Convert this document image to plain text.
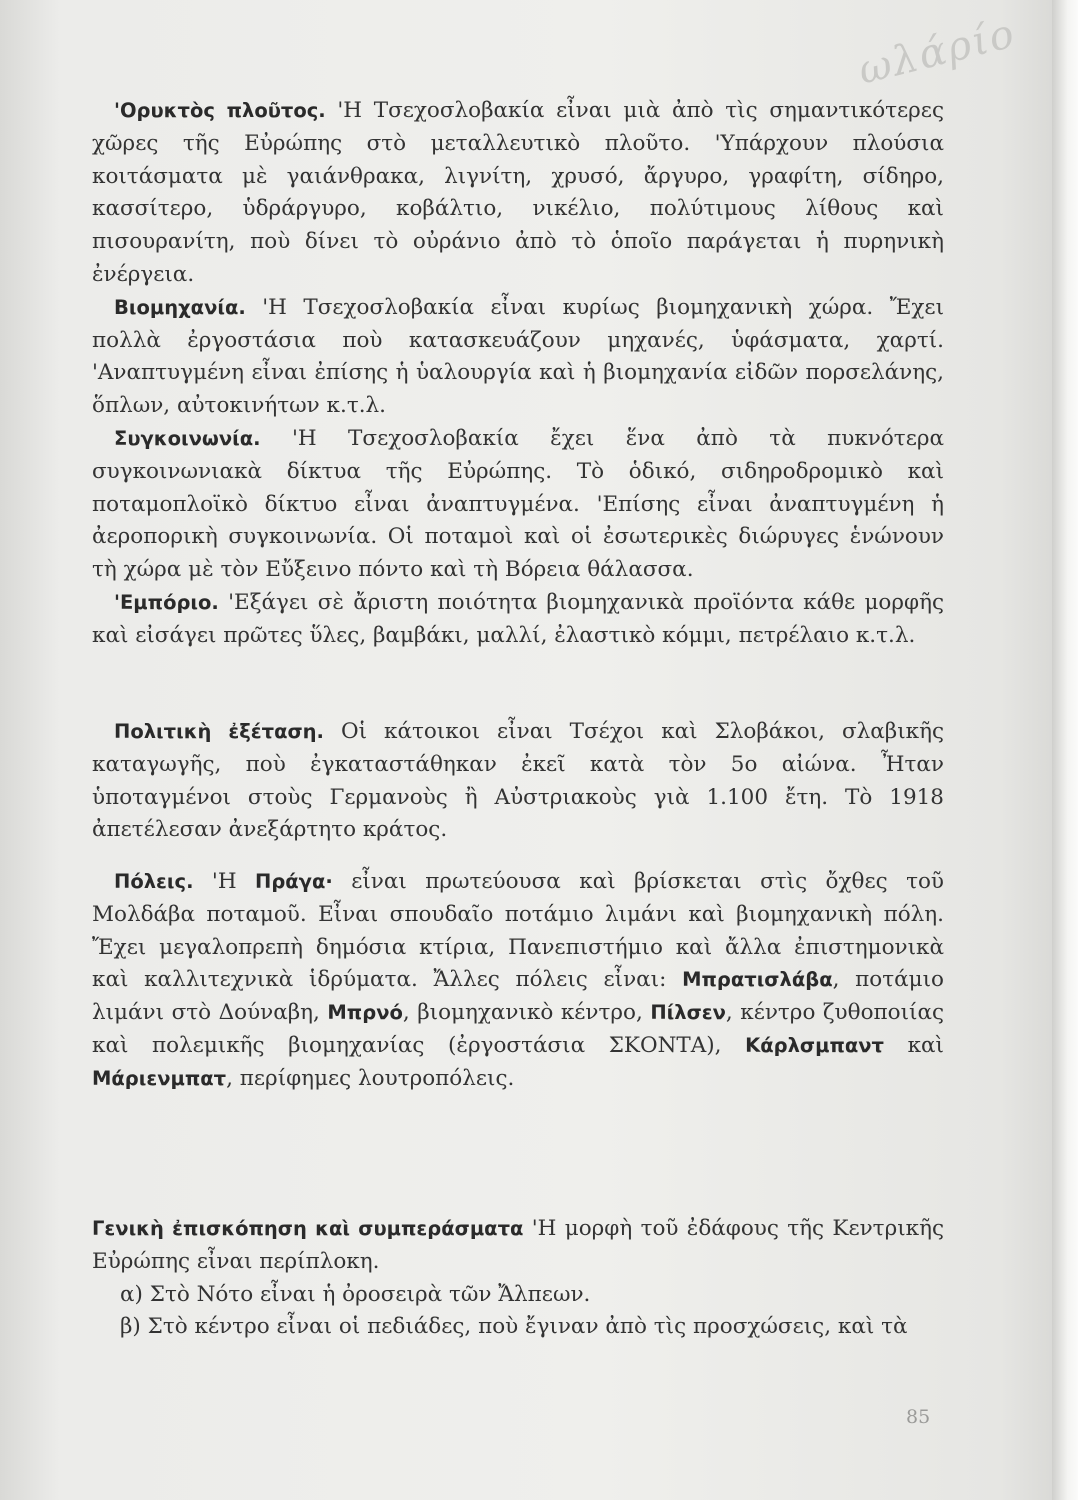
ωλάρίο

'Ορυκτὸς πλοῦτος. 'Η Τσεχοσλοβακία εἶναι μιὰ ἀπὸ τὶς σημαντικότερες χῶρες τῆς Εὐρώπης στὸ μεταλλευτικὸ πλοῦτο. 'Υπάρχουν πλούσια κοιτάσματα μὲ γαιάνθρακα, λιγνίτη, χρυσό, ἄργυρο, γραφίτη, σίδηρο, κασσίτερο, ὑδράργυρο, κοβάλτιο, νικέλιο, πολύτιμους λίθους καὶ πισουρανίτη, ποὺ δίνει τὸ οὐράνιο ἀπὸ τὸ ὁποῖο παράγεται ἡ πυρηνικὴ ἐνέργεια.

Βιομηχανία. 'Η Τσεχοσλοβακία εἶναι κυρίως βιομηχανικὴ χώρα. Ἔχει πολλὰ ἐργοστάσια ποὺ κατασκευάζουν μηχανές, ὑφάσματα, χαρτί. 'Αναπτυγμένη εἶναι ἐπίσης ἡ ὑαλουργία καὶ ἡ βιομηχανία εἰδῶν πορσελάνης, ὅπλων, αὐτοκινήτων κ.τ.λ.

Συγκοινωνία. 'Η Τσεχοσλοβακία ἔχει ἕνα ἀπὸ τὰ πυκνότερα συγκοινωνιακὰ δίκτυα τῆς Εὐρώπης. Τὸ ὁδικό, σιδηροδρομικὸ καὶ ποταμοπλοϊκὸ δίκτυο εἶναι ἀναπτυγμένα. 'Επίσης εἶναι ἀναπτυγμένη ἡ ἀεροπορικὴ συγκοινωνία. Οἱ ποταμοὶ καὶ οἱ ἐσωτερικὲς διώρυγες ἑνώνουν τὴ χώρα μὲ τὸν Εὔξεινο πόντο καὶ τὴ Βόρεια θάλασσα.

'Εμπόριο. 'Εξάγει σὲ ἄριστη ποιότητα βιομηχανικὰ προϊόντα κάθε μορφῆς καὶ εἰσάγει πρῶτες ὕλες, βαμβάκι, μαλλί, ἐλαστικὸ κόμμι, πετρέλαιο κ.τ.λ.

Πολιτικὴ ἐξέταση. Οἱ κάτοικοι εἶναι Τσέχοι καὶ Σλοβάκοι, σλαβικῆς καταγωγῆς, ποὺ ἐγκαταστάθηκαν ἐκεῖ κατὰ τὸν 5ο αἰώνα. Ἦταν ὑποταγμένοι στοὺς Γερμανοὺς ἢ Αὐστριακοὺς γιὰ 1.100 ἔτη. Τὸ 1918 ἀπετέλεσαν ἀνεξάρτητο κράτος.

Πόλεις. 'Η Πράγα· εἶναι πρωτεύουσα καὶ βρίσκεται στὶς ὄχθες τοῦ Μολδάβα ποταμοῦ. Εἶναι σπουδαῖο ποτάμιο λιμάνι καὶ βιομηχανικὴ πόλη. Ἔχει μεγαλοπρεπὴ δημόσια κτίρια, Πανεπιστήμιο καὶ ἄλλα ἐπιστημονικὰ καὶ καλλιτεχνικὰ ἱδρύματα. Ἄλλες πόλεις εἶναι: Μπρατισλάβα, ποτάμιο λιμάνι στὸ Δούναβη, Μπρνό, βιομηχανικὸ κέντρο, Πίλσεν, κέντρο ζυθοποιίας καὶ πολεμικῆς βιομηχανίας (ἐργοστάσια ΣΚΟΝΤΑ), Κάρλσμπαντ καὶ Μάριενμπατ, περίφημες λουτροπόλεις.

Γενικὴ ἐπισκόπηση καὶ συμπεράσματα 'Η μορφὴ τοῦ ἐδάφους τῆς Κεντρικῆς Εὐρώπης εἶναι περίπλοκη.

α) Στὸ Νότο εἶναι ἡ ὀροσειρὰ τῶν Ἄλπεων.

β) Στὸ κέντρο εἶναι οἱ πεδιάδες, ποὺ ἔγιναν ἀπὸ τὶς προσχώσεις, καὶ τὰ

85
